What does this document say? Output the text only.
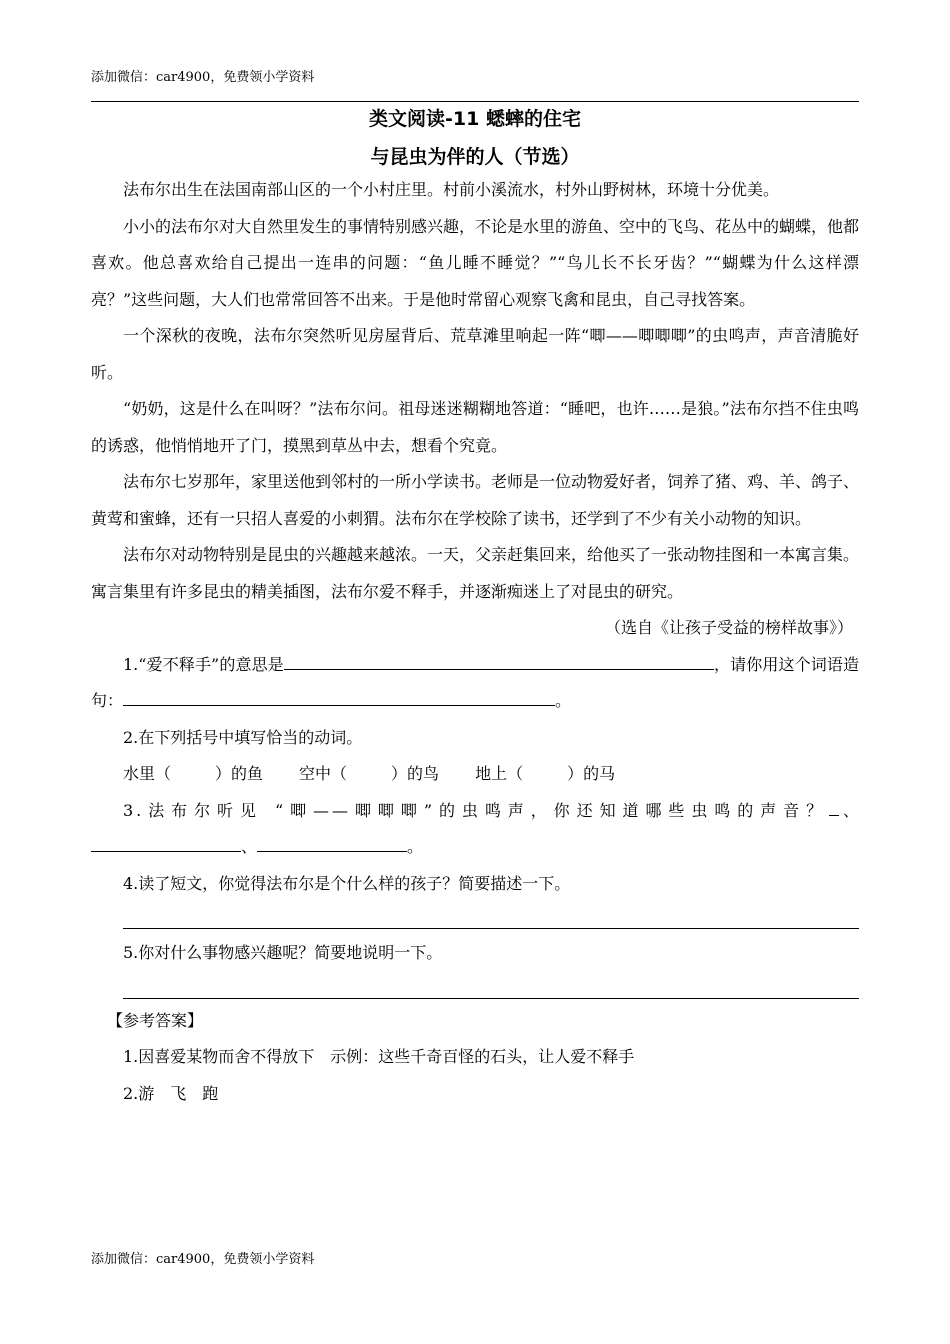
添加微信：car4900，免费领小学资料
类文阅读-11 蟋蟀的住宅
与昆虫为伴的人（节选）

法布尔出生在法国南部山区的一个小村庄里。村前小溪流水，村外山野树林，环境十分优美。

小小的法布尔对大自然里发生的事情特别感兴趣，不论是水里的游鱼、空中的飞鸟、花丛中的蝴蝶，他都喜欢。他总喜欢给自己提出一连串的问题：“鱼儿睡不睡觉？”“鸟儿长不长牙齿？”“蝴蝶为什么这样漂亮？”这些问题，大人们也常常回答不出来。于是他时常留心观察飞禽和昆虫，自己寻找答案。

一个深秋的夜晚，法布尔突然听见房屋背后、荒草滩里响起一阵“唧——唧唧唧”的虫鸣声，声音清脆好听。

“奶奶，这是什么在叫呀？”法布尔问。祖母迷迷糊糊地答道：“睡吧，也许……是狼。”法布尔挡不住虫鸣的诱惑，他悄悄地开了门，摸黑到草丛中去，想看个究竟。

法布尔七岁那年，家里送他到邻村的一所小学读书。老师是一位动物爱好者，饲养了猪、鸡、羊、鸽子、黄莺和蜜蜂，还有一只招人喜爱的小刺猬。法布尔在学校除了读书，还学到了不少有关小动物的知识。

法布尔对动物特别是昆虫的兴趣越来越浓。一天，父亲赶集回来，给他买了一张动物挂图和一本寓言集。寓言集里有许多昆虫的精美插图，法布尔爱不释手，并逐渐痴迷上了对昆虫的研究。

（选自《让孩子受益的榜样故事》）

1.“爱不释手”的意思是	，请你用这个词语造句：	。

2.在下列括号中填写恰当的动词。

水里（	）的鱼 空中（	）的鸟 地上（	）的马

3.法布尔听见 “唧——唧唧唧”的虫鸣声，你还知道哪些虫鸣的声音？ 、、	。

4.读了短文，你觉得法布尔是个什么样的孩子？简要描述一下。

5.你对什么事物感兴趣呢？简要地说明一下。

【参考答案】

1.因喜爱某物而舍不得放下　示例：这些千奇百怪的石头，让人爱不释手

2.游　飞　跑

添加微信：car4900，免费领小学资料
